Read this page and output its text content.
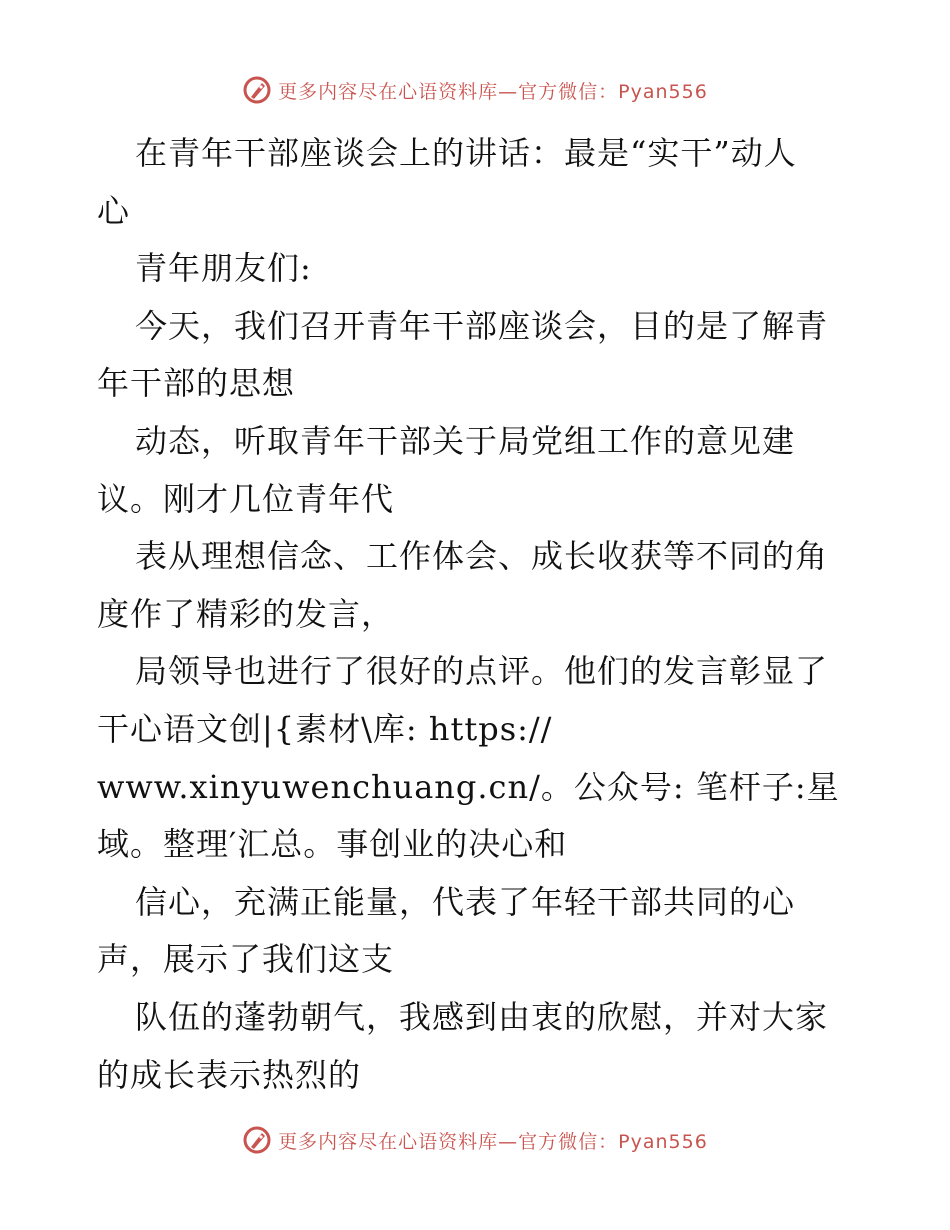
更多内容尽在心语资料库—官方微信：Pyan556
在青年干部座谈会上的讲话：最是“实干”动人
心
青年朋友们:
今天，我们召开青年干部座谈会，目的是了解青
年干部的思想
动态，听取青年干部关于局党组工作的意见建
议。刚才几位青年代
表从理想信念、工作体会、成长收获等不同的角
度作了精彩的发言，
局领导也进行了很好的点评。他们的发言彰显了
干心语文创|{素材\库: https://
www.xinyuwenchuang.cn/。公众号: 笔杆子:星
域。整理′汇总。事创业的决心和
信心，充满正能量，代表了年轻干部共同的心
声，展示了我们这支
队伍的蓬勃朝气，我感到由衷的欣慰，并对大家
的成长表示热烈的
更多内容尽在心语资料库—官方微信：Pyan556
